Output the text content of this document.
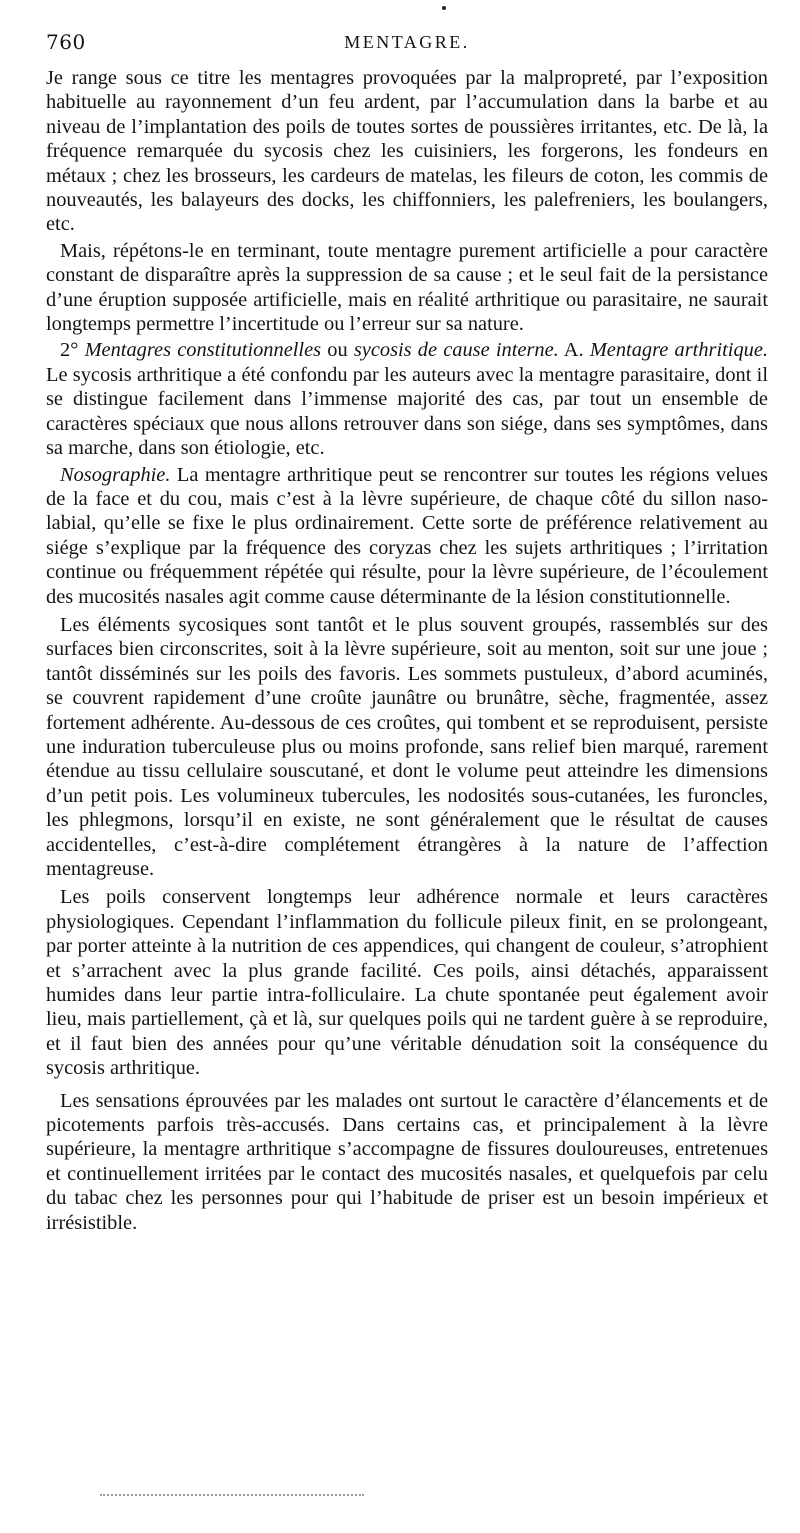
760	MENTAGRE.

Je range sous ce titre les mentagres provoquées par la malpropreté, par l’exposition habituelle au rayonnement d’un feu ardent, par l’accumulation dans la barbe et au niveau de l’implantation des poils de toutes sortes de poussières irritantes, etc. De là, la fréquence remarquée du sycosis chez les cuisiniers, les forgerons, les fondeurs en métaux ; chez les brosseurs, les cardeurs de matelas, les fileurs de coton, les commis de nouveautés, les balayeurs des docks, les chiffonniers, les palefreniers, les boulangers, etc.

Mais, répétons-le en terminant, toute mentagre purement artificielle a pour caractère constant de disparaître après la suppression de sa cause ; et le seul fait de la persistance d’une éruption supposée artificielle, mais en réalité arthritique ou parasitaire, ne saurait longtemps permettre l’incertitude ou l’erreur sur sa nature.

2° Mentagres constitutionnelles ou sycosis de cause interne. A. Mentagre arthritique. Le sycosis arthritique a été confondu par les auteurs avec la mentagre parasitaire, dont il se distingue facilement dans l’immense majorité des cas, par tout un ensemble de caractères spéciaux que nous allons retrouver dans son siége, dans ses symptômes, dans sa marche, dans son étiologie, etc.

Nosographie. La mentagre arthritique peut se rencontrer sur toutes les régions velues de la face et du cou, mais c’est à la lèvre supérieure, de chaque côté du sillon naso-labial, qu’elle se fixe le plus ordinairement. Cette sorte de préférence relativement au siége s’explique par la fréquence des coryzas chez les sujets arthritiques ; l’irritation continue ou fréquemment répétée qui résulte, pour la lèvre supérieure, de l’écoulement des mucosités nasales agit comme cause déterminante de la lésion constitutionnelle.

Les éléments sycosiques sont tantôt et le plus souvent groupés, rassemblés sur des surfaces bien circonscrites, soit à la lèvre supérieure, soit au menton, soit sur une joue ; tantôt disséminés sur les poils des favoris. Les sommets pustuleux, d’abord acuminés, se couvrent rapidement d’une croûte jaunâtre ou brunâtre, sèche, fragmentée, assez fortement adhérente. Au-dessous de ces croûtes, qui tombent et se reproduisent, persiste une induration tuberculeuse plus ou moins profonde, sans relief bien marqué, rarement étendue au tissu cellulaire souscutané, et dont le volume peut atteindre les dimensions d’un petit pois. Les volumineux tubercules, les nodosités sous-cutanées, les furoncles, les phlegmons, lorsqu’il en existe, ne sont généralement que le résultat de causes accidentelles, c’est-à-dire complétement étrangères à la nature de l’affection mentagreuse.

Les poils conservent longtemps leur adhérence normale et leurs caractères physiologiques. Cependant l’inflammation du follicule pileux finit, en se prolongeant, par porter atteinte à la nutrition de ces appendices, qui changent de couleur, s’atrophient et s’arrachent avec la plus grande facilité. Ces poils, ainsi détachés, apparaissent humides dans leur partie intra-folliculaire. La chute spontanée peut également avoir lieu, mais partiellement, çà et là, sur quelques poils qui ne tardent guère à se reproduire, et il faut bien des années pour qu’une véritable dénudation soit la conséquence du sycosis arthritique.

Les sensations éprouvées par les malades ont surtout le caractère d’élancements et de picotements parfois très-accusés. Dans certains cas, et principalement à la lèvre supérieure, la mentagre arthritique s’accompagne de fissures douloureuses, entretenues et continuellement irritées par le contact des mucosités nasales, et quelquefois par celu du tabac chez les personnes pour qui l’habitude de priser est un besoin impérieux et irrésistible.
